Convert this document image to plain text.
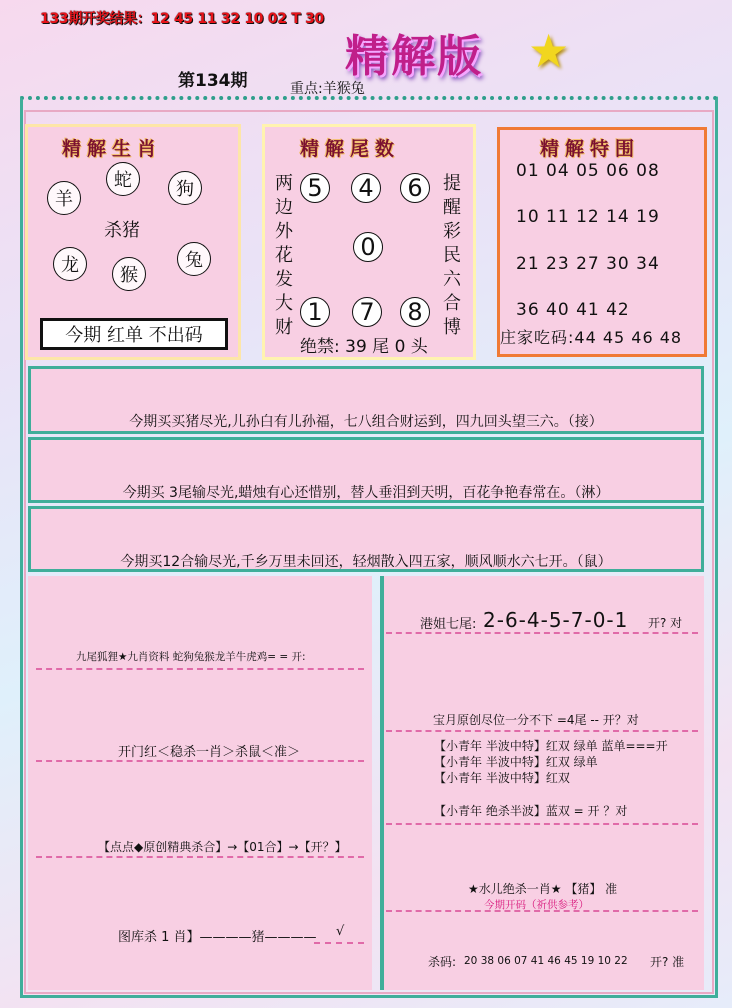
133期开奖结果：12 45 11 32 10 02 T 30
精解版 ★
第134期	重点:羊猴兔
精解生肖
羊
蛇	狗
杀猪
龙	猴
兔
今期 红单 不出码
精解尾数
两
边
外
花
发
大
财
提
醒
彩
民
六
合
博
5	4	6
0
1	7	8
绝禁: 39 尾 0 头
精解特围
01 04 05 06 08
10 11 12 14 19
21 23 27 30 34
36 40 41 42
庄家吃码:44 45 46 48
今期买买猪尽光,儿孙白有儿孙福，七八组合财运到，四九回头望三六。（接）
今期买 3尾输尽光,蜡烛有心还惜别，替人垂泪到天明，百花争艳春常在。（淋）
今期买12合输尽光,千乡万里未回还，轻烟散入四五家，顺风顺水六七开。（鼠）
九尾狐狸★九肖资料 蛇狗兔猴龙羊牛虎鸡= = 开:
开门红＜稳杀一肖＞杀鼠＜准＞
【点点◆原创精典杀合】→【01合】→【开？】
图库杀 1 肖】————猪———— √
港姐七尾: 2-6-4-5-7-0-1 开? 对
宝月原创尽位一分不下 =4尾 -- 开？对
【小青年 半波中特】红双 绿单 蓝单===开
【小青年 半波中特】红双 绿单
【小青年 半波中特】红双
【小青年 绝杀半波】蓝双 = 开 ？对
★水儿绝杀一肖★ 【猪】 准
今期开码（祈供参考）
杀码: 20 38 06 07 41 46 45 19 10 22 开? 准
